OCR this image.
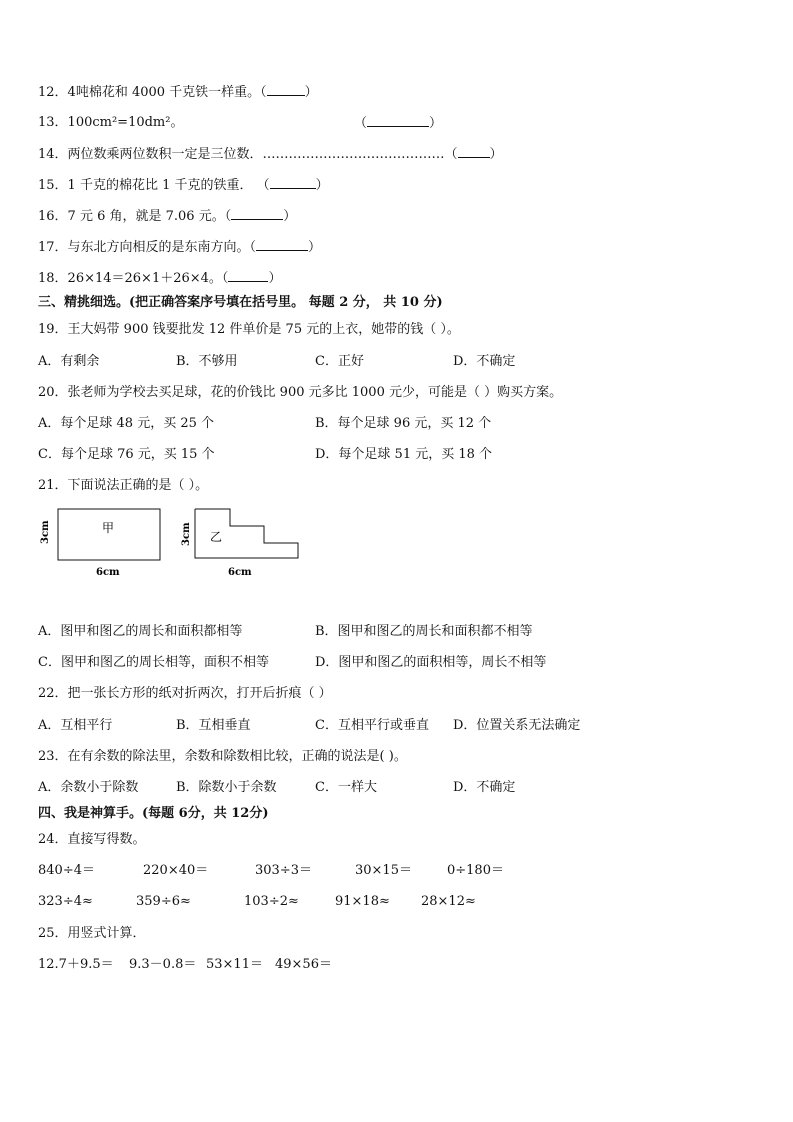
12．4吨棉花和 4000 千克铁一样重。（	）
13．100cm²=10dm²。	（	）
14．两位数乘两位数积一定是三位数．……………………………………（ ）
15．1 千克的棉花比 1 千克的铁重． （	）
16．7 元 6 角，就是 7.06 元。（	）
17．与东北方向相反的是东南方向。（	）
18．26×14＝26×1＋26×4。（	）
三、精挑细选。(把正确答案序号填在括号里。 每题 2 分， 共 10 分)
19．王大妈带 900 钱要批发 12 件单价是 75 元的上衣，她带的钱（ ）。
A．有剩余	B．不够用	C．正好	D．不确定
20．张老师为学校去买足球，花的价钱比 900 元多比 1000 元少，可能是（ ）购买方案。
A．每个足球 48 元，买 25 个	B．每个足球 96 元，买 12 个
C．每个足球 76 元，买 15 个	D．每个足球 51 元，买 18 个
21．下面说法正确的是（ ）。
甲
3cm
6cm
乙
3cm
6cm
A．图甲和图乙的周长和面积都相等	B．图甲和图乙的周长和面积都不相等
C．图甲和图乙的周长相等，面积不相等	D．图甲和图乙的面积相等，周长不相等
22．把一张长方形的纸对折两次，打开后折痕（ ）
A．互相平行	B．互相垂直	C．互相平行或垂直 D．位置关系无法确定
23．在有余数的除法里，余数和除数相比较，正确的说法是( )。
A．余数小于除数	B．除数小于余数	C．一样大	D．不确定
四、我是神算手。(每题 6分，共 12分)
24．直接写得数。
840÷4＝	220×40＝	303÷3＝	30×15＝	0÷180＝
323÷4≈	359÷6≈	103÷2≈	91×18≈ 28×12≈
25．用竖式计算．
12.7＋9.5＝ 9.3－0.8＝ 53×11＝ 49×56＝
